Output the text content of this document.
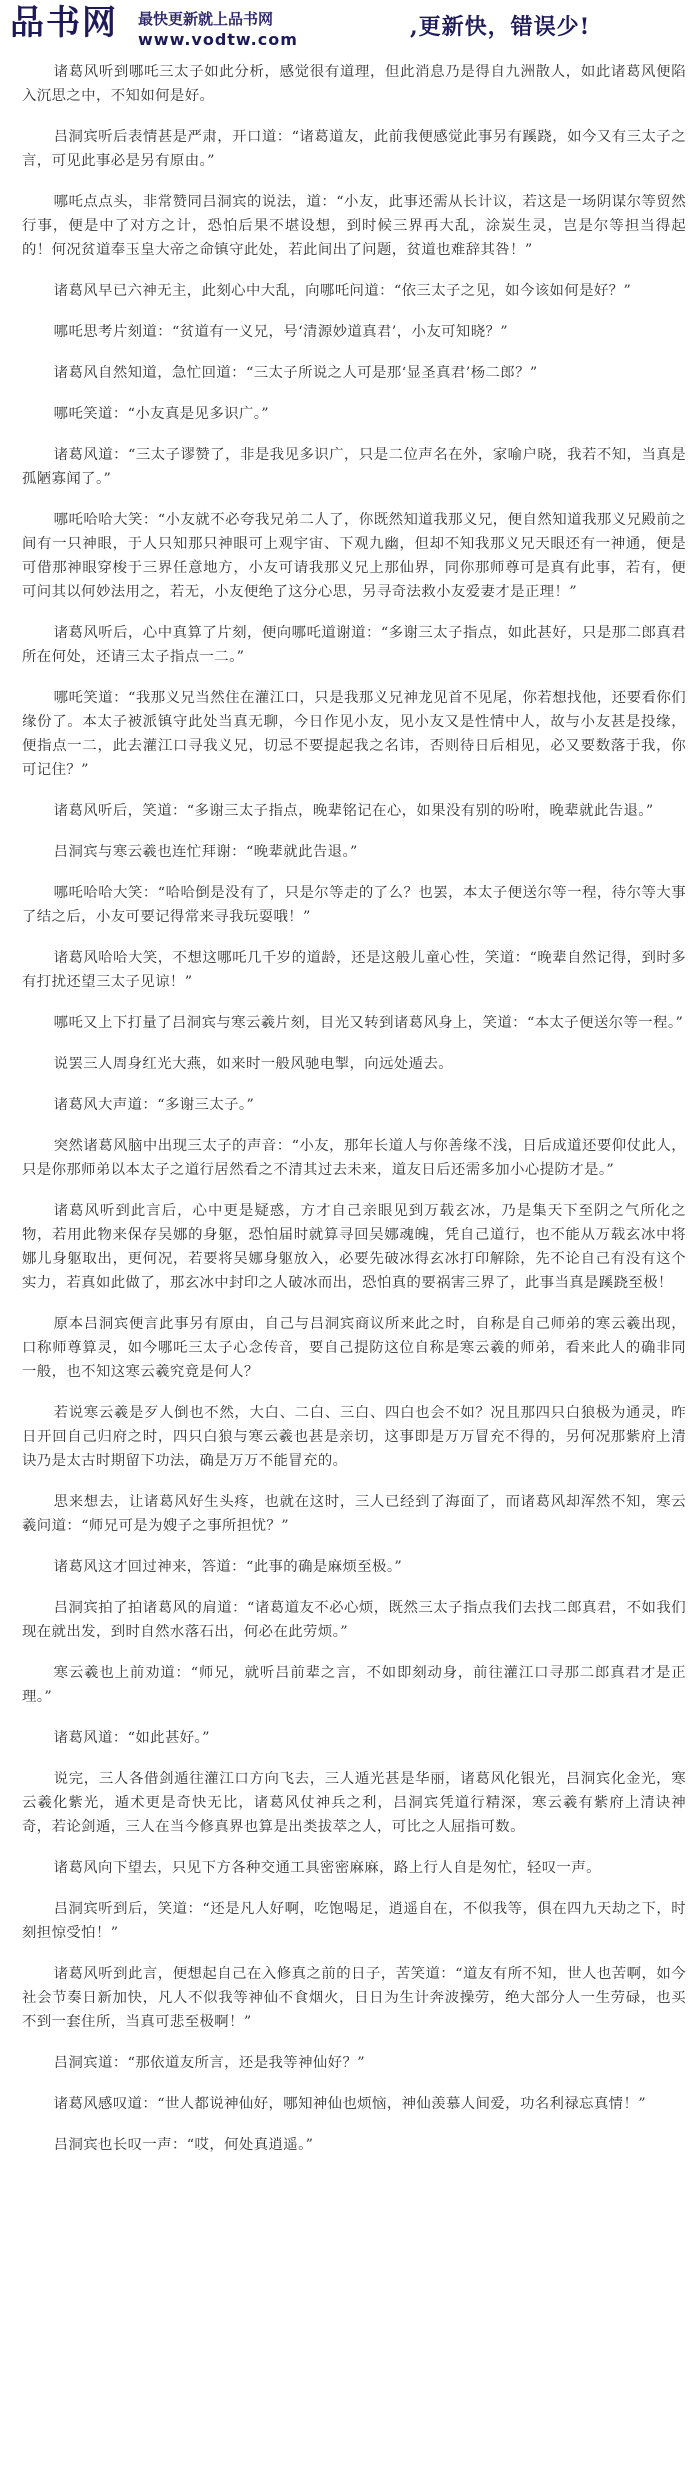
品书网 最快更新就上品书网	,更新快，错误少!
www.vodtw.com

诸葛风听到哪吒三太子如此分析，感觉很有道理，但此消息乃是得自九洲散人，如此诸葛风便陷入沉思之中，不知如何是好。

吕洞宾听后表情甚是严肃，开口道：“诸葛道友，此前我便感觉此事另有蹊跷，如今又有三太子之言，可见此事必是另有原由。”

哪吒点点头，非常赞同吕洞宾的说法，道：“小友，此事还需从长计议，若这是一场阴谋尔等贸然行事，便是中了对方之计，恐怕后果不堪设想，到时候三界再大乱，涂炭生灵，岂是尔等担当得起的！何况贫道奉玉皇大帝之命镇守此处，若此间出了问题，贫道也难辞其咎！”

诸葛风早已六神无主，此刻心中大乱，向哪吒问道：“依三太子之见，如今该如何是好？”

哪吒思考片刻道：“贫道有一义兄，号‘清源妙道真君’，小友可知晓？”

诸葛风自然知道，急忙回道：“三太子所说之人可是那‘显圣真君’杨二郎？”

哪吒笑道：“小友真是见多识广。”

诸葛风道：“三太子谬赞了，非是我见多识广，只是二位声名在外，家喻户晓，我若不知，当真是孤陋寡闻了。”

哪吒哈哈大笑：“小友就不必夸我兄弟二人了，你既然知道我那义兄，便自然知道我那义兄殿前之间有一只神眼，于人只知那只神眼可上观宇宙、下观九幽，但却不知我那义兄天眼还有一神通，便是可借那神眼穿梭于三界任意地方，小友可请我那义兄上那仙界，同你那师尊可是真有此事，若有，便可问其以何妙法用之，若无，小友便绝了这分心思，另寻奇法救小友爱妻才是正理！”

诸葛风听后，心中真算了片刻，便向哪吒道谢道：“多谢三太子指点，如此甚好，只是那二郎真君所在何处，还请三太子指点一二。”

哪吒笑道：“我那义兄当然住在灌江口，只是我那义兄神龙见首不见尾，你若想找他，还要看你们缘份了。本太子被派镇守此处当真无聊，今日作见小友，见小友又是性情中人，故与小友甚是投缘，便指点一二，此去灌江口寻我义兄，切忌不要提起我之名讳，否则待日后相见，必又要数落于我，你可记住？”

诸葛风听后，笑道：“多谢三太子指点，晚辈铭记在心，如果没有别的吩咐，晚辈就此告退。”

吕洞宾与寒云羲也连忙拜谢：“晚辈就此告退。”

哪吒哈哈大笑：“哈哈倒是没有了，只是尔等走的了么？也罢，本太子便送尔等一程，待尔等大事了结之后，小友可要记得常来寻我玩耍哦！”

诸葛风哈哈大笑，不想这哪吒几千岁的道龄，还是这般儿童心性，笑道：“晚辈自然记得，到时多有打扰还望三太子见谅！”

哪吒又上下打量了吕洞宾与寒云羲片刻，目光又转到诸葛风身上，笑道：“本太子便送尔等一程。”

说罢三人周身红光大燕，如来时一般风驰电掣，向远处遁去。

诸葛风大声道：“多谢三太子。”

突然诸葛风脑中出现三太子的声音：“小友，那年长道人与你善缘不浅，日后成道还要仰仗此人，只是你那师弟以本太子之道行居然看之不清其过去未来，道友日后还需多加小心提防才是。”

诸葛风听到此言后，心中更是疑惑，方才自己亲眼见到万载玄冰，乃是集天下至阴之气所化之物，若用此物来保存吴娜的身躯，恐怕届时就算寻回吴娜魂魄，凭自己道行，也不能从万载玄冰中将娜儿身躯取出，更何况，若要将吴娜身躯放入，必要先破冰得玄冰打印解除，先不论自己有没有这个实力，若真如此做了，那玄冰中封印之人破冰而出，恐怕真的要祸害三界了，此事当真是蹊跷至极！

原本吕洞宾便言此事另有原由，自己与吕洞宾商议所来此之时，自称是自己师弟的寒云羲出现，口称师尊算灵，如今哪吒三太子心念传音，要自己提防这位自称是寒云羲的师弟，看来此人的确非同一般，也不知这寒云羲究竟是何人？

若说寒云羲是歹人倒也不然，大白、二白、三白、四白也会不如？况且那四只白狼极为通灵，昨日开回自己归府之时，四只白狼与寒云羲也甚是亲切，这事即是万万冒充不得的，另何况那紫府上清诀乃是太古时期留下功法，确是万万不能冒充的。

思来想去，让诸葛风好生头疼，也就在这时，三人已经到了海面了，而诸葛风却浑然不知，寒云羲问道：“师兄可是为嫂子之事所担忧？”

诸葛风这才回过神来，答道：“此事的确是麻烦至极。”

吕洞宾拍了拍诸葛风的肩道：“诸葛道友不必心烦，既然三太子指点我们去找二郎真君，不如我们现在就出发，到时自然水落石出，何必在此劳烦。”

寒云羲也上前劝道：“师兄，就听吕前辈之言，不如即刻动身，前往灌江口寻那二郎真君才是正理。”

诸葛风道：“如此甚好。”

说完，三人各借剑遁往灌江口方向飞去，三人遁光甚是华丽，诸葛风化银光，吕洞宾化金光，寒云羲化紫光，遁术更是奇快无比，诸葛风仗神兵之利，吕洞宾凭道行精深，寒云羲有紫府上清诀神奇，若论剑遁，三人在当今修真界也算是出类拔萃之人，可比之人屈指可数。

诸葛风向下望去，只见下方各种交通工具密密麻麻，路上行人自是匆忙，轻叹一声。

吕洞宾听到后，笑道：“还是凡人好啊，吃饱喝足，逍遥自在，不似我等，俱在四九天劫之下，时刻担惊受怕！”

诸葛风听到此言，便想起自己在入修真之前的日子，苦笑道：“道友有所不知，世人也苦啊，如今社会节奏日新加快，凡人不似我等神仙不食烟火，日日为生计奔波操劳，绝大部分人一生劳碌，也买不到一套住所，当真可悲至极啊！”

吕洞宾道：“那依道友所言，还是我等神仙好？”

诸葛风感叹道：“世人都说神仙好，哪知神仙也烦恼，神仙羡慕人间爱，功名利禄忘真情！”

吕洞宾也长叹一声：“哎，何处真逍遥。”
